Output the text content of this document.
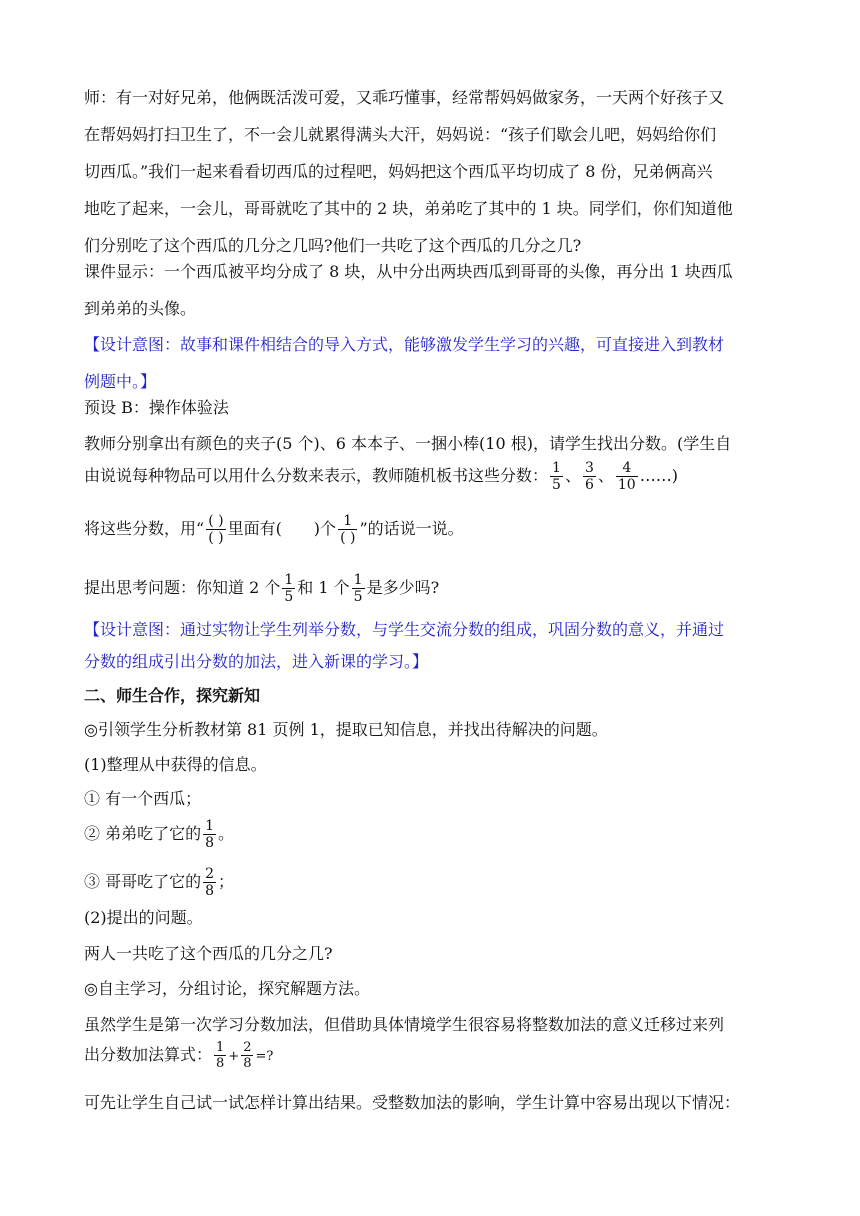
师：有一对好兄弟，他俩既活泼可爱，又乖巧懂事，经常帮妈妈做家务，一天两个好孩子又
在帮妈妈打扫卫生了，不一会儿就累得满头大汗，妈妈说：“孩子们歇会儿吧，妈妈给你们
切西瓜。”我们一起来看看切西瓜的过程吧，妈妈把这个西瓜平均切成了 8 份，兄弟俩高兴
地吃了起来，一会儿，哥哥就吃了其中的 2 块，弟弟吃了其中的 1 块。同学们，你们知道他
们分别吃了这个西瓜的几分之几吗?他们一共吃了这个西瓜的几分之几?
课件显示：一个西瓜被平均分成了 8 块，从中分出两块西瓜到哥哥的头像，再分出 1 块西瓜
到弟弟的头像。
【设计意图：故事和课件相结合的导入方式，能够激发学生学习的兴趣，可直接进入到教材
例题中。】
预设 B：操作体验法
教师分别拿出有颜色的夹子(5 个)、6 本本子、一捆小棒(10 根)，请学生找出分数。(学生自
由说说每种物品可以用什么分数来表示，教师随机板书这些分数： $\frac{1}{5}$ 、 $\frac{3}{6}$ 、 $\frac{4}{10}$ ……)
将这些分数，用“ $\frac{( )}{( )}$ 里面有(　　)个 $\frac{1}{( )}$ ”的话说一说。
提出思考问题：你知道 2 个 $\frac{1}{5}$ 和 1 个 $\frac{1}{5}$ 是多少吗?
【设计意图：通过实物让学生列举分数，与学生交流分数的组成，巩固分数的意义，并通过
分数的组成引出分数的加法，进入新课的学习。】
二、师生合作，探究新知
◎引领学生分析教材第 81 页例 1，提取已知信息，并找出待解决的问题。
(1)整理从中获得的信息。
① 有一个西瓜；
② 弟弟吃了它的 $\frac{1}{8}$ 。
③ 哥哥吃了它的 $\frac{2}{8}$ ；
(2)提出的问题。
两人一共吃了这个西瓜的几分之几?
◎自主学习，分组讨论，探究解题方法。
虽然学生是第一次学习分数加法，但借助具体情境学生很容易将整数加法的意义迁移过来列
出分数加法算式： $\frac{1}{8} + \frac{2}{8}$ =?
可先让学生自己试一试怎样计算出结果。受整数加法的影响，学生计算中容易出现以下情况：
